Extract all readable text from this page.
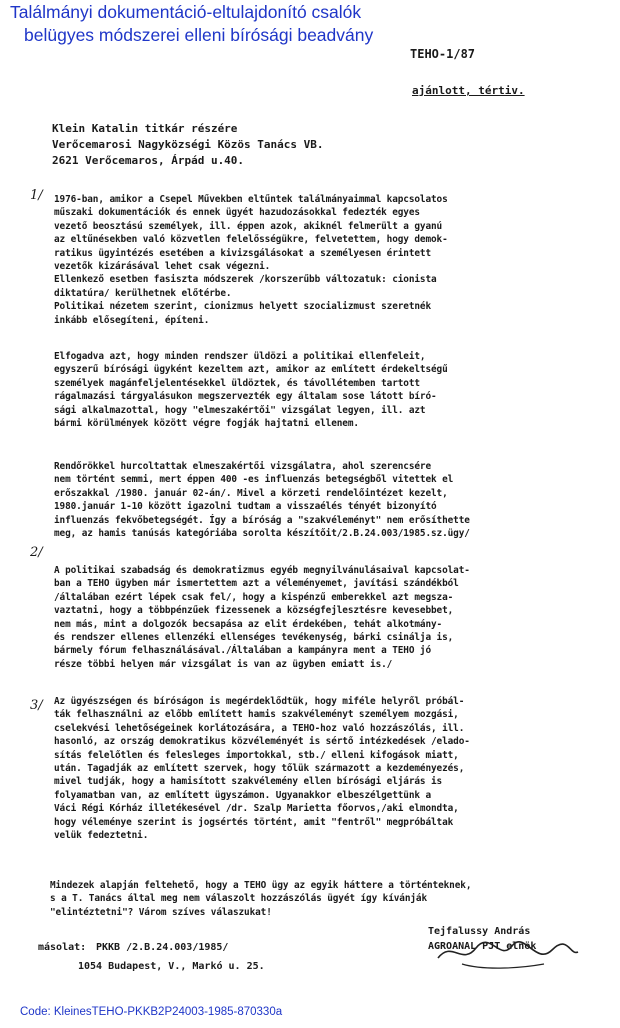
Találmányi dokumentáció-eltulajdonító csalók
belügyes módszerei elleni bírósági beadvány
TEHO-1/87
ajánlott, tértiv.
Klein Katalin titkár részére
Verőcemarosi Nagyközségi Közös Tanács VB.
2621 Verőcemaros, Árpád u.40.
1/
2/
3/
1976-ban, amikor a Csepel Művekben eltűntek találmányaimmal kapcsolatos
műszaki dokumentációk és ennek ügyét hazudozásokkal fedezték egyes
vezető beosztású személyek, ill. éppen azok, akiknél felmerült a gyanú
az eltűnésekben való közvetlen felelősségükre, felvetettem, hogy demok-
ratikus ügyintézés esetében a kivizsgálásokat a személyesen érintett
vezetők kizárásával lehet csak végezni.
Ellenkező esetben fasiszta módszerek /korszerűbb változatuk: cionista
diktatúra/ kerülhetnek előtérbe.
Politikai nézetem szerint, cionizmus helyett szocializmust szeretnék
inkább elősegíteni, építeni.
Elfogadva azt, hogy minden rendszer üldözi a politikai ellenfeleit,
egyszerű bírósági ügyként kezeltem azt, amikor az említett érdekeltségű
személyek magánfeljelentésekkel üldöztek, és távollétemben tartott
rágalmazási tárgyalásukon megszervezték egy általam sose látott bíró-
sági alkalmazottal, hogy "elmeszakértői" vizsgálat legyen, ill. azt
bármi körülmények között végre fogják hajtatni ellenem.
Rendőrökkel hurcoltattak elmeszakértői vizsgálatra, ahol szerencsére
nem történt semmi, mert éppen 400 -es influenzás betegségből vitettek el
erőszakkal /1980. január 02-án/. Mivel a körzeti rendelőintézet kezelt,
1980.január 1-10 között igazolni tudtam a visszaélés tényét bizonyító
influenzás fekvőbetegségét. Így a bíróság a "szakvéleményt" nem erősíthette
meg, az hamis tanúsás kategóriába sorolta készítőit/2.B.24.003/1985.sz.ügy/
A politikai szabadság és demokratizmus egyéb megnyilvánulásaival kapcsolat-
ban a TEHO ügyben már ismertettem azt a véleményemet, javítási szándékból
/általában ezért lépek csak fel/, hogy a kispénzű emberekkel azt megsza-
vaztatni, hogy a többpénzűek fizessenek a községfejlesztésre kevesebbet,
nem más, mint a dolgozók becsapása az elit érdekében, tehát alkotmány-
és rendszer ellenes ellenzéki ellenséges tevékenység, bárki csinálja is,
bármely fórum felhasználásával./Általában a kampányra ment a TEHO jó
része többi helyen már vizsgálat is van az ügyben emiatt is./
Az ügyészségen és bíróságon is megérdeklődtük, hogy miféle helyről próbál-
ták felhasználni az előbb említett hamis szakvéleményt személyem mozgási,
cselekvési lehetőségeinek korlátozására, a TEHO-hoz való hozzászólás, ill.
hasonló, az ország demokratikus közvéleményét is sértő intézkedések /elado-
sítás felelőtlen és felesleges importokkal, stb./ elleni kifogások miatt,
után. Tagadják az említett szervek, hogy tőlük származott a kezdeményezés,
mivel tudják, hogy a hamisított szakvélemény ellen bírósági eljárás is
folyamatban van, az említett ügyszámon. Ugyanakkor elbeszélgettünk a
Váci Régi Kórház illetékesével /dr. Szalp Marietta főorvos,/aki elmondta,
hogy véleménye szerint is jogsértés történt, amit "fentről" megpróbáltak
velük fedeztetni.
Mindezek alapján feltehető, hogy a TEHO ügy az egyik háttere a történteknek,
s a T. Tanács által meg nem válaszolt hozzászólás ügyét így kívánják
"elintéztetni"? Várom szíves válaszukat!
Tejfalussy András
AGROANAL PJT elnök
másolat: PKKB /2.B.24.003/1985/
1054 Budapest, V., Markó u. 25.
Code: KleinesTEHO-PKKB2P24003-1985-870330a
